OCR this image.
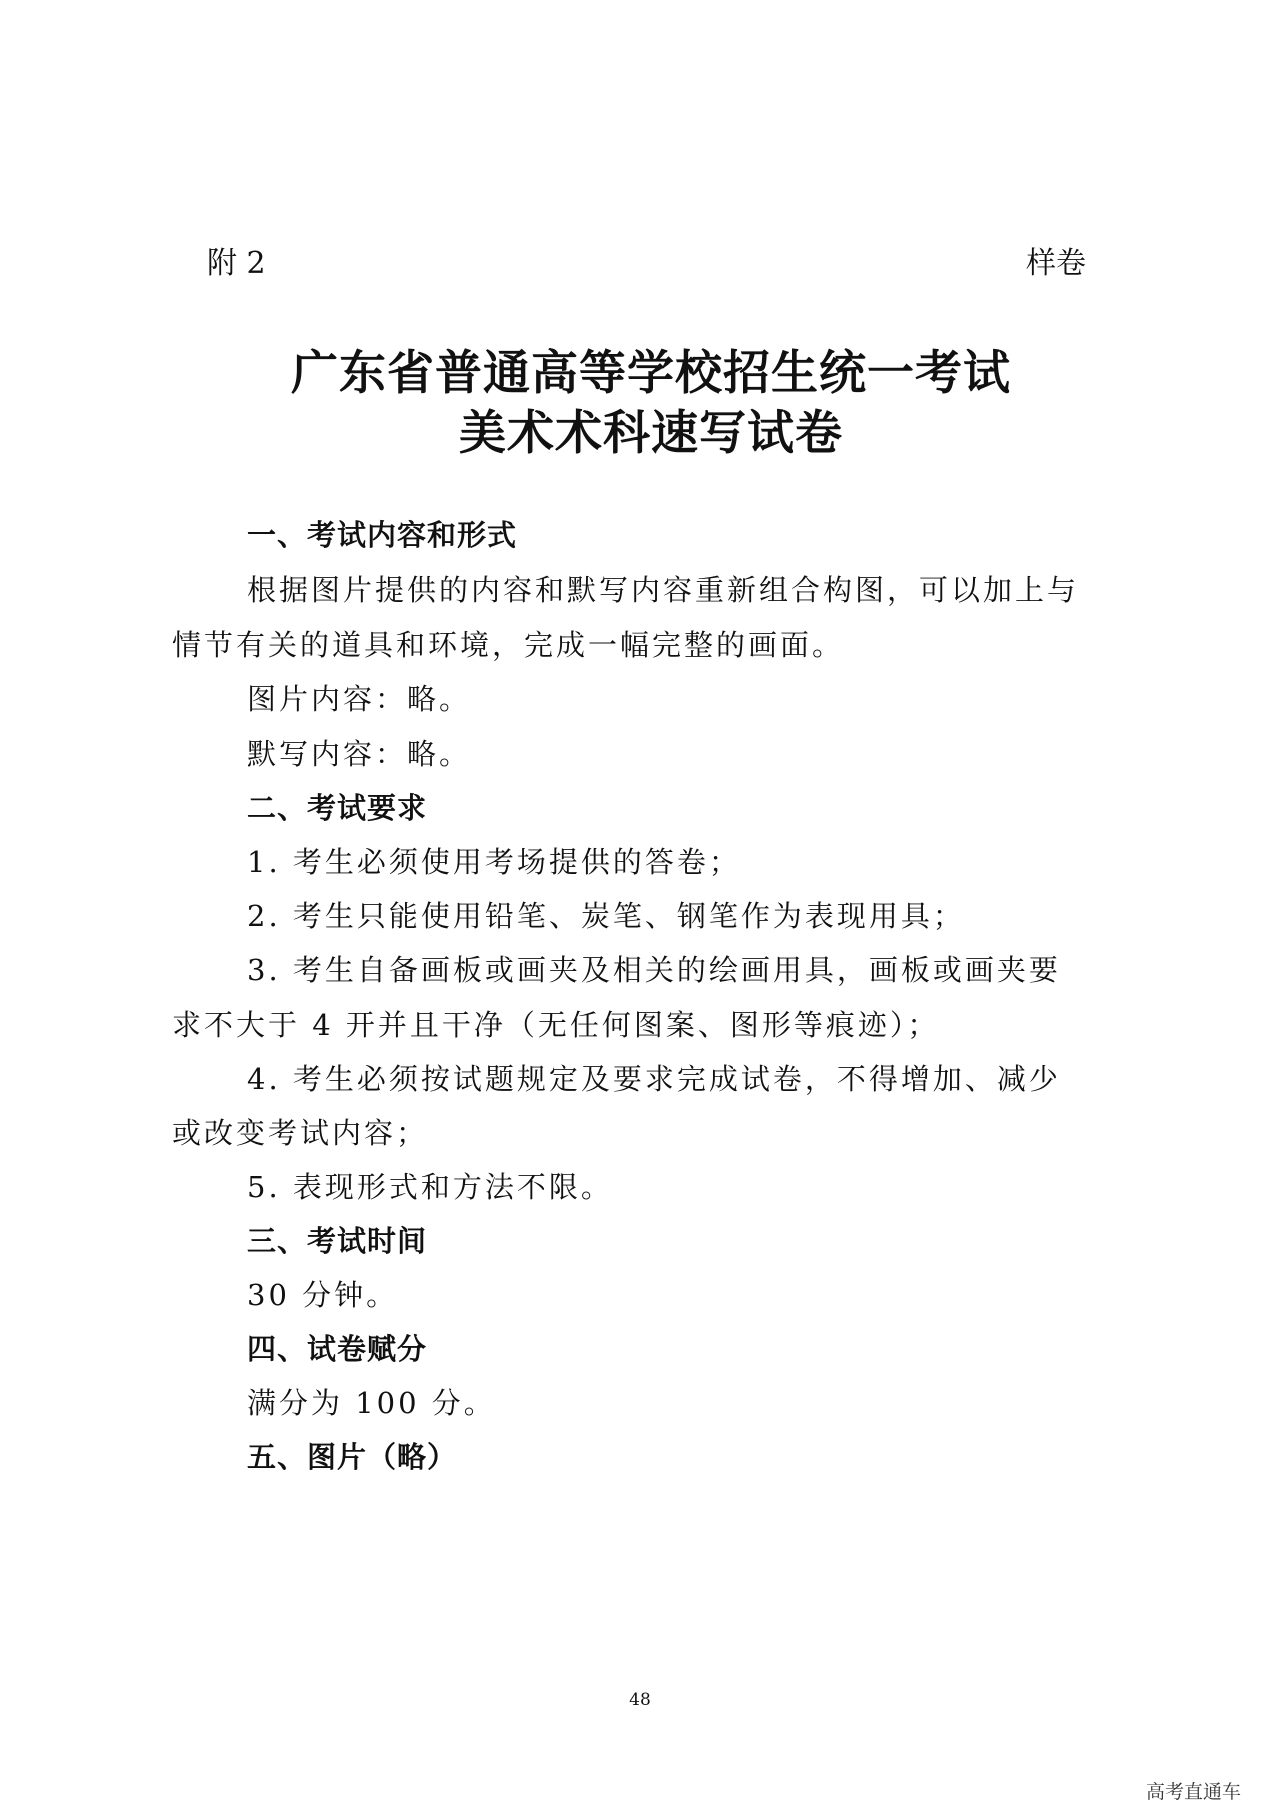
附 2	样卷
广东省普通高等学校招生统一考试
美术术科速写试卷
一、考试内容和形式
根据图片提供的内容和默写内容重新组合构图，可以加上与
情节有关的道具和环境，完成一幅完整的画面。
图片内容：略。
默写内容：略。
二、考试要求
1. 考生必须使用考场提供的答卷；
2. 考生只能使用铅笔、炭笔、钢笔作为表现用具；
3. 考生自备画板或画夹及相关的绘画用具，画板或画夹要
求不大于 4 开并且干净（无任何图案、图形等痕迹）；
4. 考生必须按试题规定及要求完成试卷，不得增加、减少
或改变考试内容；
5. 表现形式和方法不限。
三、考试时间
30 分钟。
四、试卷赋分
满分为 100 分。
五、图片（略）
48
高考直通车
